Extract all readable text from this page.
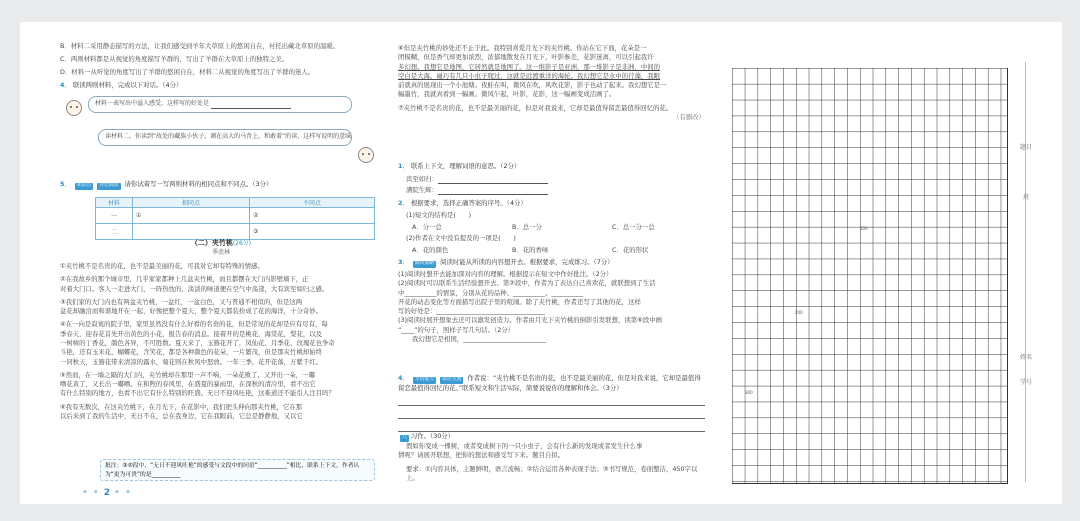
B．材料二采用静态描写的方法，让我们感受到羊年大草原上的悠闲自在，衬托出藏北草原的温暖。

C．两则材料都是从视觉的角度描写羊群的，写出了羊群在大草原上的独特之美。

D．材料一从听觉的角度写出了羊群的悠闲自在，材料二从视觉的角度写出了羊群的迷人。

4． 联读两则材料，完成以下对话。（4分）

材料一表写出中溢入感受，这样写的好处是
读材料二，你读到“故处的藏族小伙子，调在高大的马背上，和敢着”的读，这样写说明的意味

5． 知识点 对比阅读 请你试着写一写两则材料的相同点和不同点。（3分）

材料	相同点	不同点
一	①	②
二		③
（二）夹竹桃(26分)
季羡林

①夹竹桃不是名贵的花，也不是最美丽的花，可我对它却有特殊的情感。

②在我故乡的那个城市里，几乎家家都种上几盆夹竹桃，而且都摆在大门内影壁墙下，正

对着大门口。客人一走进大门，一阵热忱的、淡淡的味道便在空气中荡漾，大有宾至如归之感。

③我们家的大门内也有两盆夹竹桃，一盆红，一盆白色，又与普通不相似的，但是这两

盆花却融洽而和谐地开在一起，好像把整个夏天，整个夏天都装扮成了花的海洋，十分奇妙。

④在一向是寂寞的院子里，家里虽然没有什么好看的名贵的花，但是常见的花却是应有尽有，每

季春天，迎春花首先开出黄色的小花，报告春的消息。接着开的是桃花，海棠花，梨花，以及

一树树的丁香花，颜色各异，不可胜数。夏天来了，玉簪花开了，凤仙花、月季花、玫瑰花也争奇

斗艳，还有玉米花，蝴蝶花，含笑花，都是各种颜色的花朵，一片繁茂，但是那夹竹桃却始终

一同秋天，玉簪花带来清凉的露水，菊花则在秋风中怒放。一年三季，花开花落，万紫千红。

⑤然而，在一墙之隔的大门内，夹竹桃却在那里一声不响，一朵花败了，又开出一朵，一嘟

噜花黄了，又长出一嘟噜。在和煦的春风里，在盛夏的暴雨里，在深秋的清冷里，看不出它

有什么特别的地方，也看不出它有什么特别的旺盛。无日不迎风吐艳，这难道还不能引人注目吗？

⑥我有无数次，在这夹竹桃下，在月光下，在花影中，我们把头伸向那夹竹桃，它在那

以后来到了我的生活中，无日不在，总在我身边，它在我眼前，它总是静静地，又以它

批注：③⑤段中，“无日不迎风吐艳”的感受与文段中的问语“__________”相比，联系上下文，作者认为“更为可贵”的是__________
• • 2 • •

⑥但是夹竹桃的妙处还不止于此。我特别喜爱月光下的夹竹桃。你站在它下面，花朵是一

团模糊，但是香气却更加浓烈，浓郁地散发在月光下，叶影参差，花影迷离，可以引起我许

多幻想。我想它是地图，它居然就是地图了。这一堆影子是亚洲，那一堆影子是非洲，中间的

空白是大海。碰巧有几只小虫子爬过，这就是远渡重洋的海轮。我幻想它是水中的荇藻，我眼

前就真的展现出一个小池塘。夜蛙在叫，微风在吹，风吹花影，影子也动了起来。我幻想它是一

幅墨竹，我就真看到一幅画。微风乍起，叶影，花影，这一幅画变成活画了。

⑦夹竹桃不是名贵的花，也不是最美丽的花，但是对我说来，它却是最值得留恋最值得回忆的花。

（有删改）

1． 联系上下文，理解词语的意思。（2分）

宾至如归：

满院生辉：

2． 根据要求，选择正确答案的序号。（4分）

(1)短文的结构是(　　)

A．分一总	B．总一分	C．总一分一总

(2)作者在文中没有提及的一项是(　　)

A．花的颜色	B．花的香味	C．花的形状

3． 阅读策略 阅读时能从所读的内容想开去。根据要求，完成练习。（7分）

(1)阅读时想开去能加深对内容的理解。根据提示在短文中作好批注。（2分）

(2)阅读时可以联系生活经验想开去。第②段中，作者为了表达自己喜欢花，就联想到了生活

中__________的情景，分别从花的品种、__________、__________

开花的动态变化等方面描写出院子里的喧闹。除了夹竹桃，作者还写了其他的花，这样

写的好处是：__________________________________

(3)阅读时展开想象去还可以激发创造力。作者由月光下夹竹桃的倒影引发联想，读第⑥段中画

“____”的句子，照样子写几句话。（2分）

我幻想它是相国，__________________________

4． 写话能力 表达交流 作者说：“夹竹桃不是名贵的花，也不是最美丽的花，但是对我来说，它却是最值得留恋最值得回忆的花。”联系短文和生活实际，简要说说你的理解和体会。（3分）

八 习作。（30分）

假如你变成一棵树，或者变成树下的一只小虫子，会有什么新的发现或者发生什么事

情呢？请展开联想，把你的想法和感受写下来。题目自拟。

要求：①内容具体，主题鲜明，语言流畅；②结合运用各种表现手法；③书写规范，卷面整洁，450字以上。

100
200
300
题目
班
姓名
学号
